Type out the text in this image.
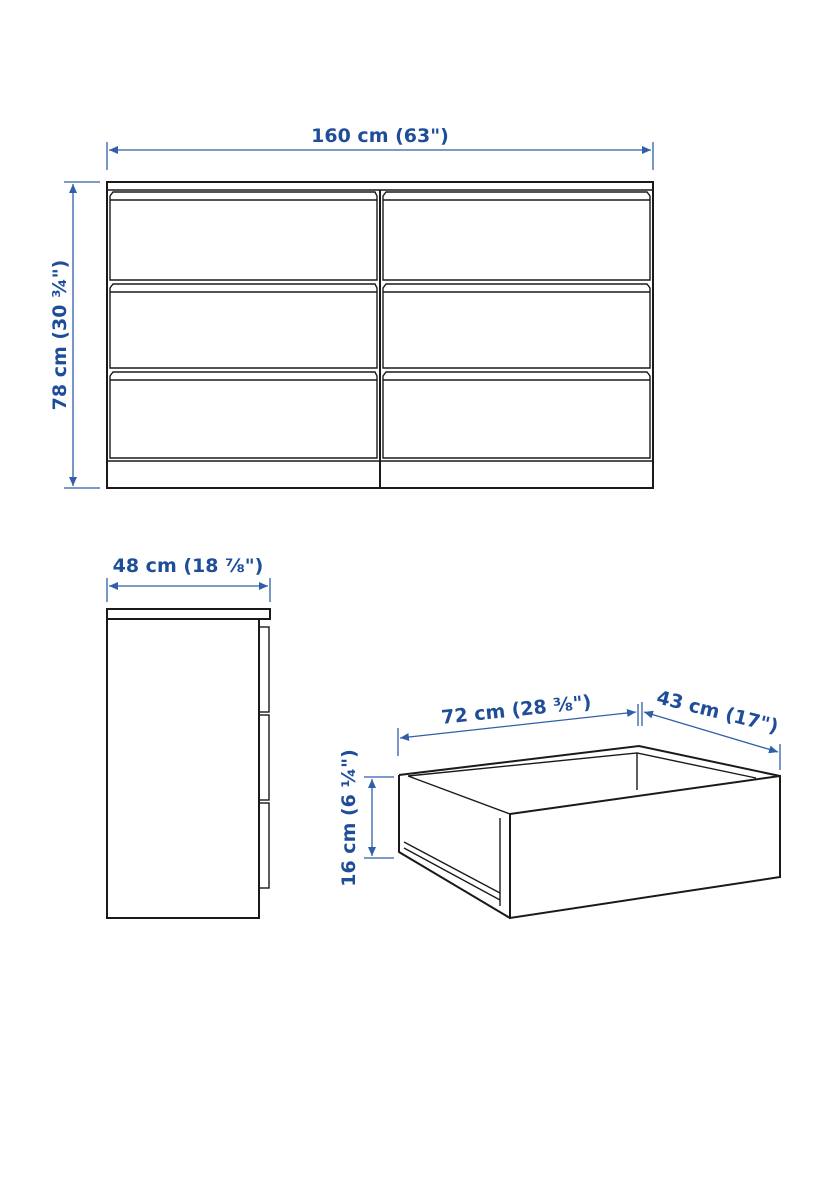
160 cm (63")
78 cm (30 ¾")
48 cm (18 ⅞")
72 cm (28 ⅜")	43 cm (17")
16 cm (6 ¼")
